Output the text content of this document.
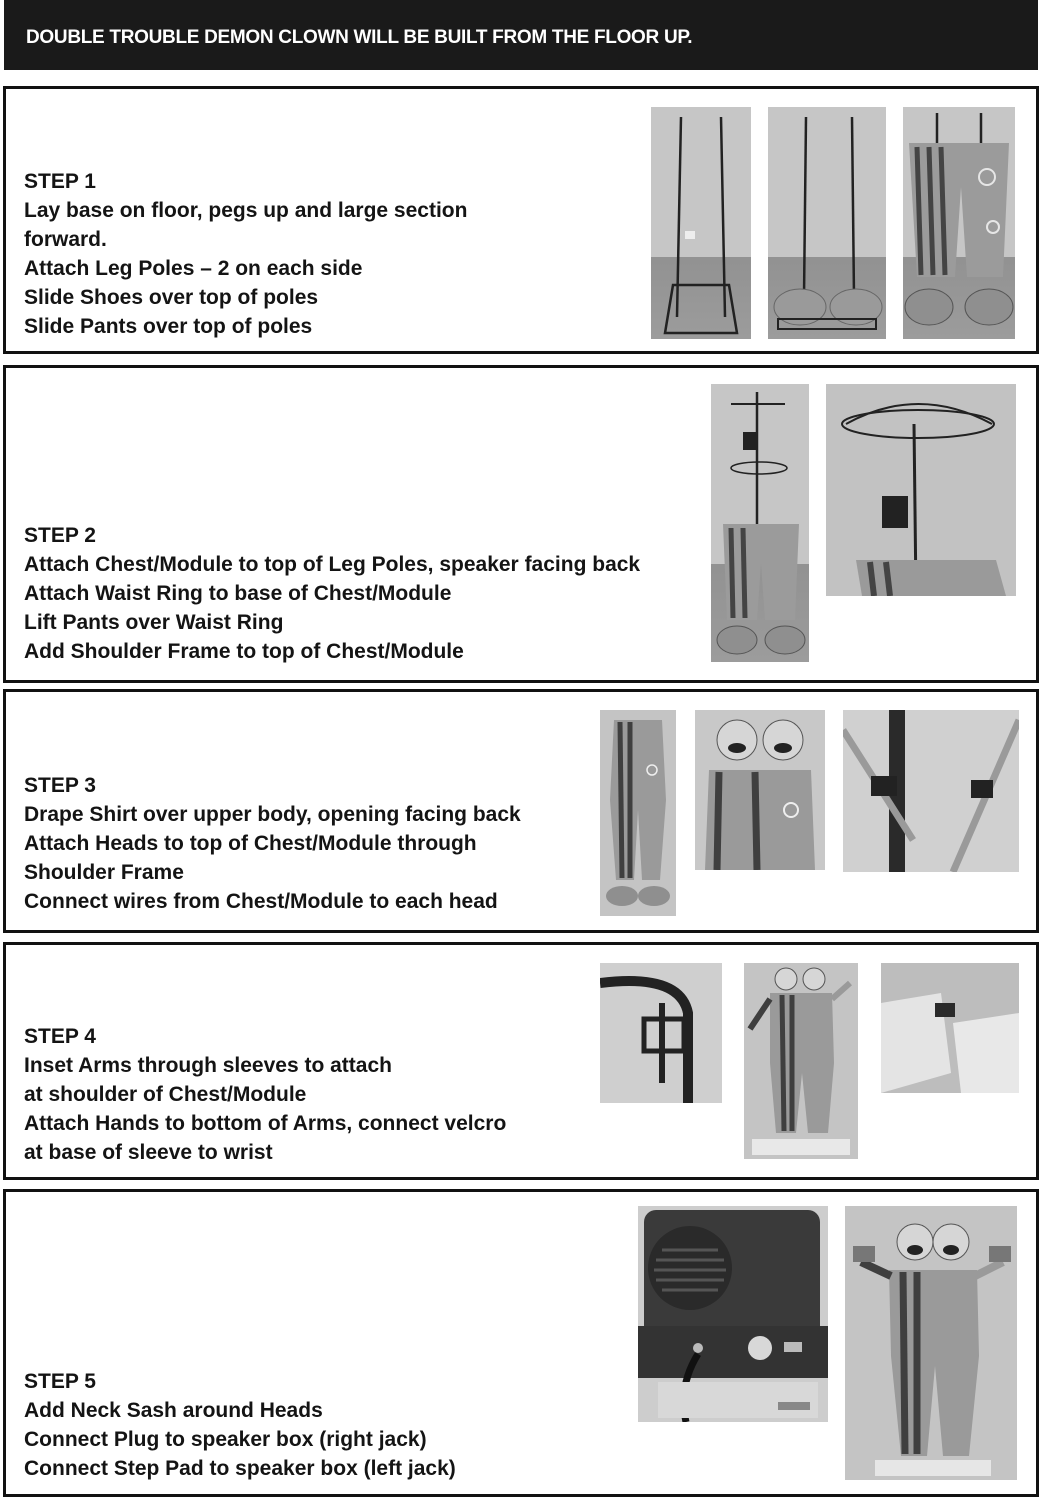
DOUBLE TROUBLE DEMON CLOWN WILL BE BUILT FROM THE FLOOR UP.
STEP 1
Lay base on floor, pegs up and large section
forward.
Attach Leg Poles – 2 on each side
Slide Shoes over top of poles
Slide Pants over top of poles
STEP 2
Attach Chest/Module to top of Leg Poles, speaker facing back
Attach Waist Ring to base of Chest/Module
Lift Pants over Waist Ring
Add Shoulder Frame to top of Chest/Module
STEP 3
Drape Shirt over upper body, opening facing back
Attach Heads to top of Chest/Module through
Shoulder Frame
Connect wires from Chest/Module to each head
STEP 4
Inset Arms through sleeves to attach
at shoulder of Chest/Module
Attach Hands to bottom of Arms, connect velcro
at base of sleeve to wrist
STEP 5
Add Neck Sash around Heads
Connect Plug to speaker box (right jack)
Connect Step Pad to speaker box (left jack)
